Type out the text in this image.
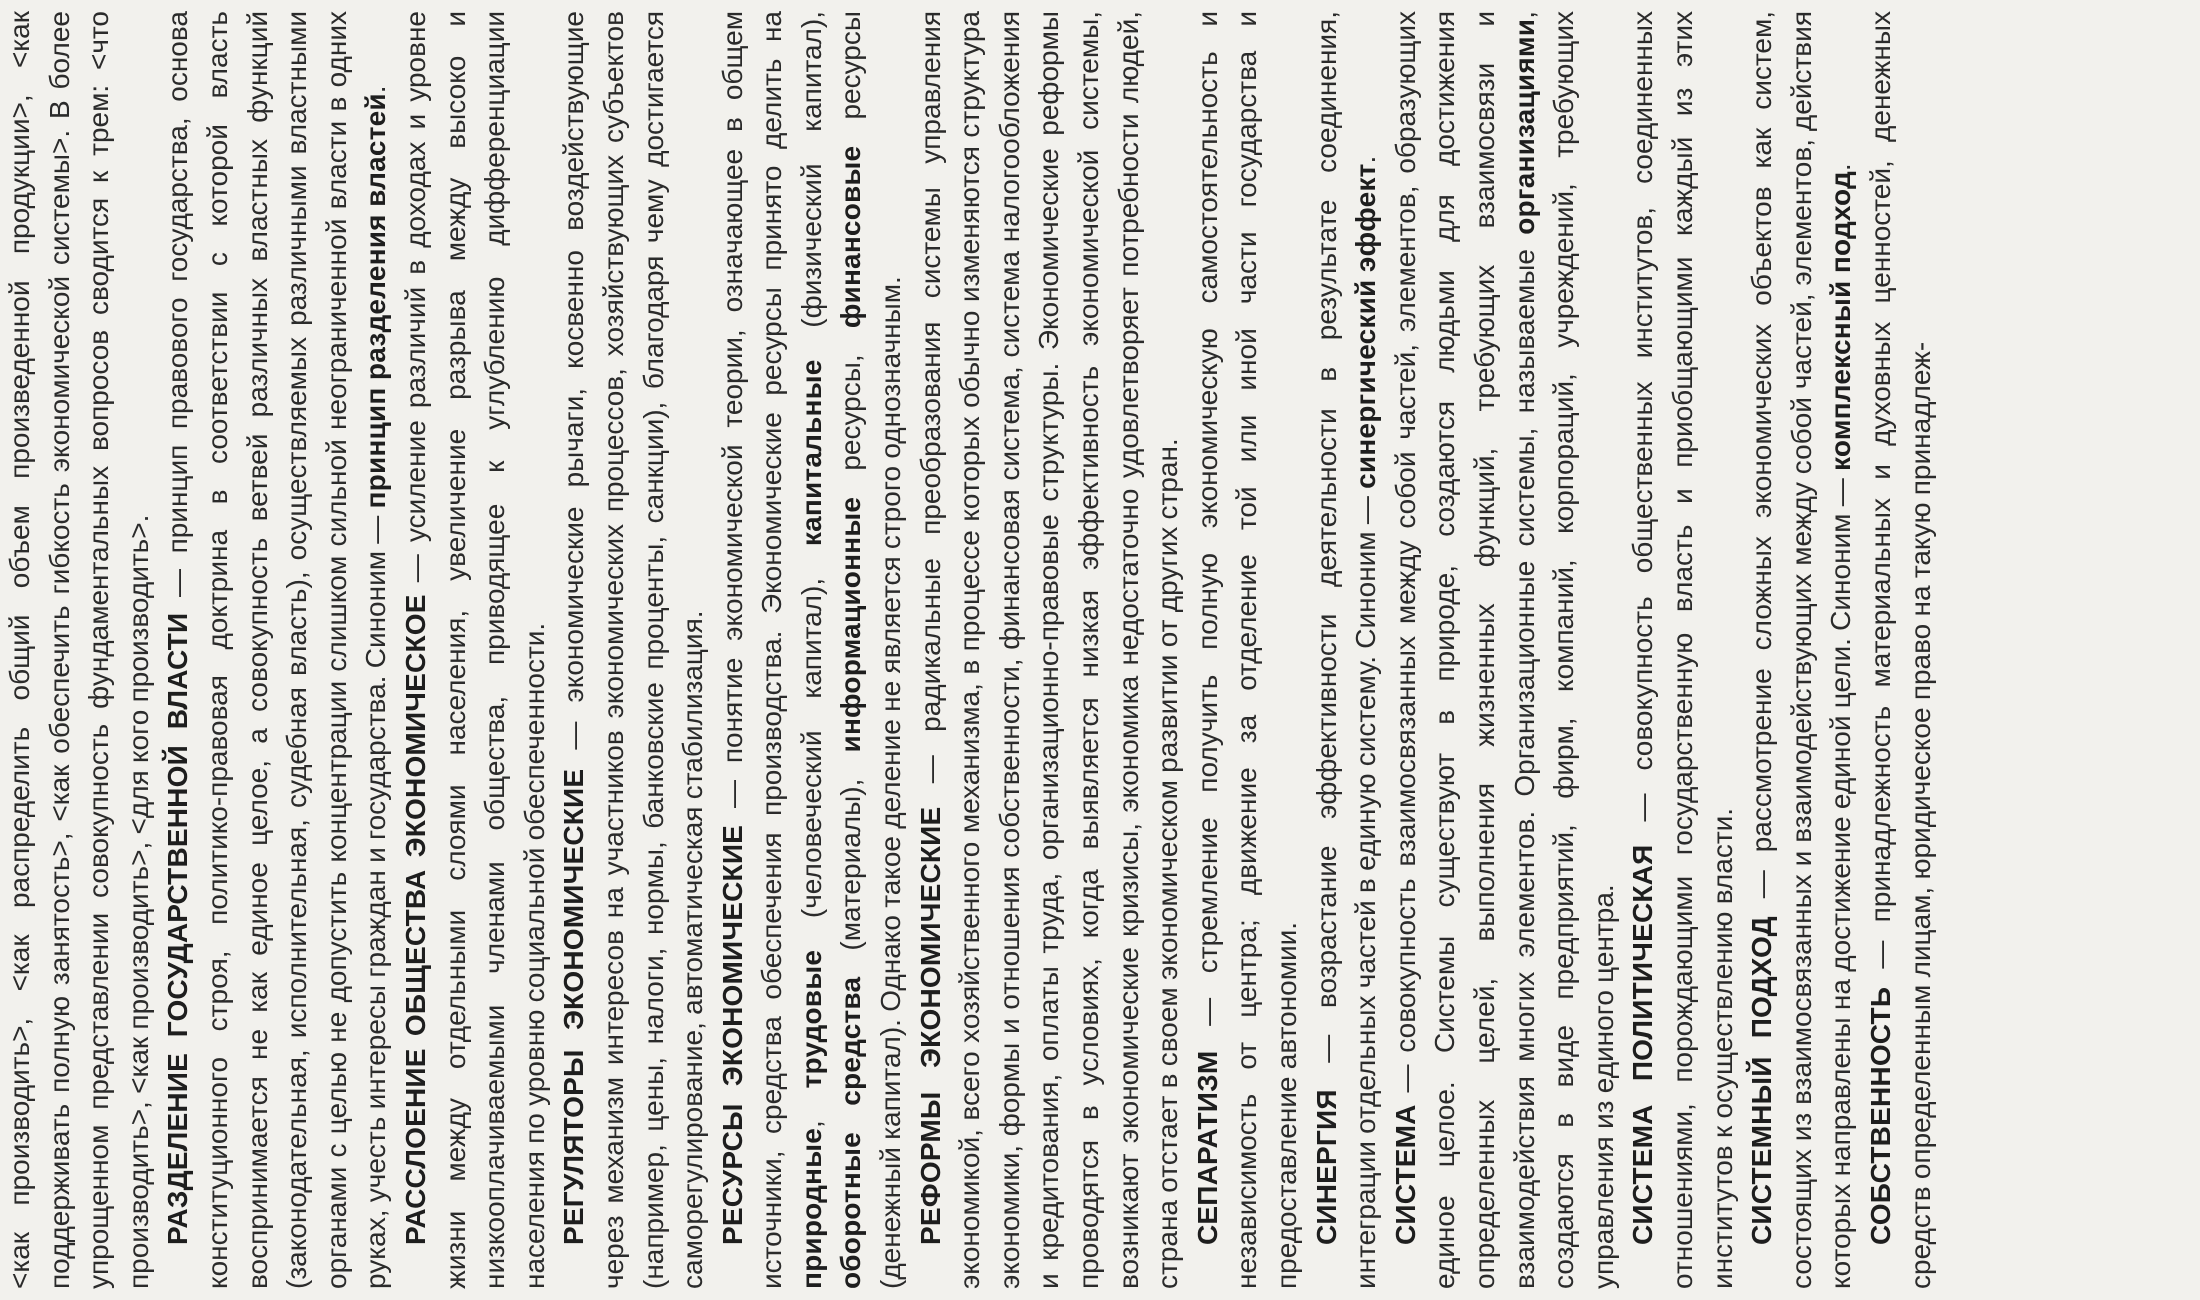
<как производить>, <как распределить общий объем произведенной продукции>, <как поддерживать полную занятость>, <как обеспечить гибкость экономической системы>. В более упрощенном представлении совокупность фундаментальных вопросов сводится к трем: <что производить>, <как производить>, <для кого производить>. РАЗДЕЛЕНИЕ ГОСУДАРСТВЕННОЙ ВЛАСТИ — принцип правового государства, основа конституционного строя, политико-правовая доктрина в соответствии с которой власть воспринимается не как единое целое, а совокупность ветвей различных властных функций (законодательная, исполнительная, судебная власть), осуществляемых различными властными органами с целью не допустить концентрации слишком сильной неограниченной власти в одних руках, учесть интересы граждан и государства. Синоним — принцип разделения властей.

РАССЛОЕНИЕ ОБЩЕСТВА ЭКОНОМИЧЕСКОЕ — усиление различий в доходах и уровне жизни между отдельными слоями населения, увеличение разрыва между высоко и низкооплачиваемыми членами общества, приводящее к углублению дифференциации населения по уровню социальной обеспеченности. РЕГУЛЯТОРЫ ЭКОНОМИЧЕСКИЕ — экономические рычаги, косвенно воздействующие через механизм интересов на участников экономических процессов, хозяйствующих субъектов (например, цены, налоги, нормы, банковские проценты, санкции), благодаря чему достигается саморегулирование, автоматическая стабилизация. РЕСУРСЫ ЭКОНОМИЧЕСКИЕ — понятие экономической теории, означающее в общем источники, средства обеспечения производства. Экономические ресурсы принято делить на природные, трудовые (человеческий капитал), капитальные (физический капитал), оборотные средства (материалы), информационные ресурсы, финансовые ресурсы (денежный капитал). Однако такое деление не является строго однозначным. РЕФОРМЫ ЭКОНОМИЧЕСКИЕ — радикальные преобразования системы управления экономикой, всего хозяйственного механизма, в процессе которых обычно изменяются структура экономики, формы и отношения собственности, финансовая система, система налогообложения и кредитования, оплаты труда, организационно-правовые структуры. Экономические реформы проводятся в условиях, когда выявляется низкая эффективность экономической системы, возникают экономические кризисы, экономика недостаточно удовлетворяет потребности людей, страна отстает в своем экономическом развитии от других стран. СЕПАРАТИЗМ — стремление получить полную экономическую самостоятельность и независимость от центра; движение за отделение той или иной части государства и предоставление автономии. СИНЕРГИЯ — возрастание эффективности деятельности в результате соединения, интеграции отдельных частей в единую систему. Синоним — синергический эффект.

СИСТЕМА — совокупность взаимосвязанных между собой частей, элементов, образующих единое целое. Системы существуют в природе, создаются людьми для достижения определенных целей, выполнения жизненных функций, требующих взаимосвязи и взаимодействия многих элементов. Организационные системы, называемые организациями, создаются в виде предприятий, фирм, компаний, корпораций, учреждений, требующих управления из единого центра. СИСТЕМА ПОЛИТИЧЕСКАЯ — совокупность общественных институтов, соединенных отношениями, порождающими государственную власть и приобщающими каждый из этих институтов к осуществлению власти. СИСТЕМНЫЙ ПОДХОД — рассмотрение сложных экономических объектов как систем, состоящих из взаимосвязанных и взаимодействующих между собой частей, элементов, действия которых направлены на достижение единой цели. Синоним — комплексный подход.

СОБСТВЕННОСТЬ — принадлежность материальных и духовных ценностей, денежных средств определенным лицам, юридическое право на такую принадлеж-
